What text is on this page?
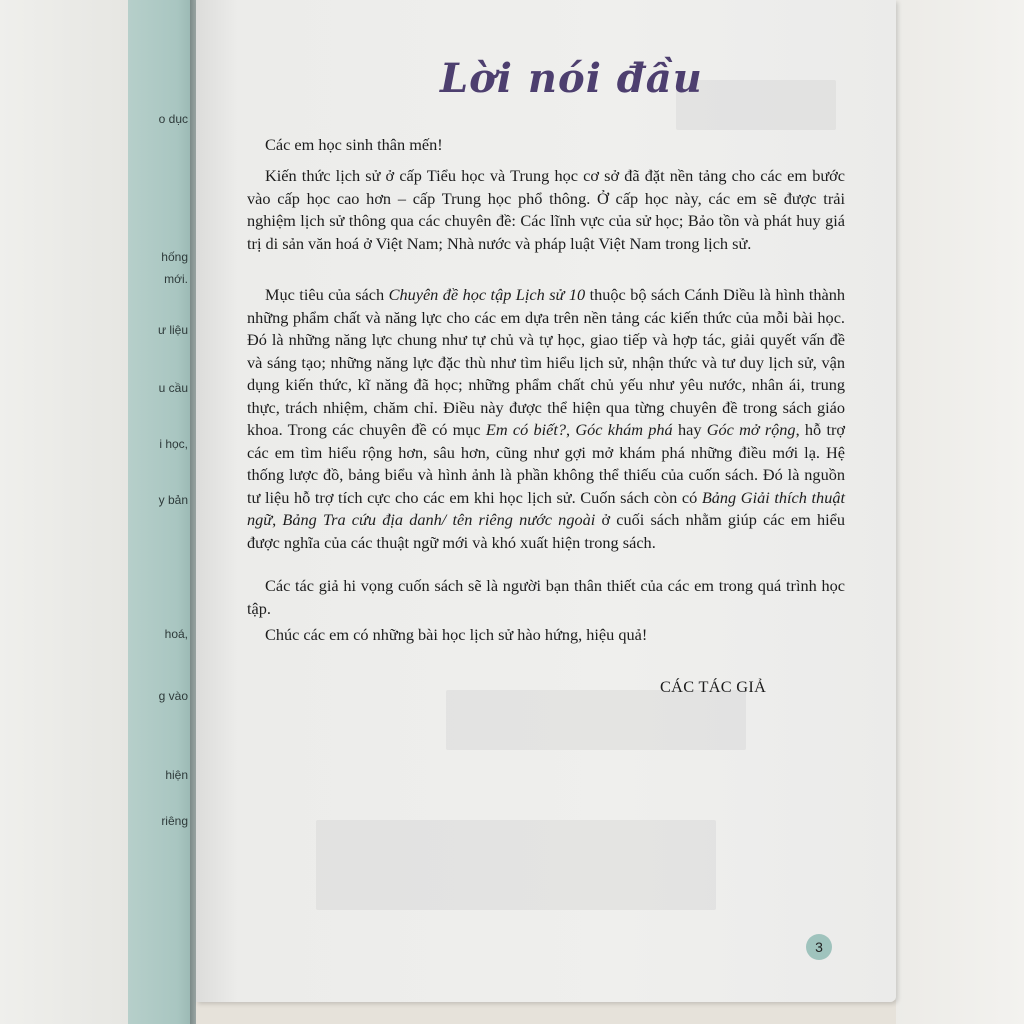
o dục
hống
mới.
ư liệu
u cầu
i học,
y bản
hoá,
g vào
hiện
riêng
Lời nói đầu
Các em học sinh thân mến!
Kiến thức lịch sử ở cấp Tiểu học và Trung học cơ sở đã đặt nền tảng cho các em bước vào cấp học cao hơn – cấp Trung học phổ thông. Ở cấp học này, các em sẽ được trải nghiệm lịch sử thông qua các chuyên đề: Các lĩnh vực của sử học; Bảo tồn và phát huy giá trị di sản văn hoá ở Việt Nam; Nhà nước và pháp luật Việt Nam trong lịch sử.
Mục tiêu của sách Chuyên đề học tập Lịch sử 10 thuộc bộ sách Cánh Diều là hình thành những phẩm chất và năng lực cho các em dựa trên nền tảng các kiến thức của mỗi bài học. Đó là những năng lực chung như tự chủ và tự học, giao tiếp và hợp tác, giải quyết vấn đề và sáng tạo; những năng lực đặc thù như tìm hiểu lịch sử, nhận thức và tư duy lịch sử, vận dụng kiến thức, kĩ năng đã học; những phẩm chất chủ yếu như yêu nước, nhân ái, trung thực, trách nhiệm, chăm chỉ. Điều này được thể hiện qua từng chuyên đề trong sách giáo khoa. Trong các chuyên đề có mục Em có biết?, Góc khám phá hay Góc mở rộng, hỗ trợ các em tìm hiểu rộng hơn, sâu hơn, cũng như gợi mở khám phá những điều mới lạ. Hệ thống lược đồ, bảng biểu và hình ảnh là phần không thể thiếu của cuốn sách. Đó là nguồn tư liệu hỗ trợ tích cực cho các em khi học lịch sử. Cuốn sách còn có Bảng Giải thích thuật ngữ, Bảng Tra cứu địa danh/ tên riêng nước ngoài ở cuối sách nhằm giúp các em hiểu được nghĩa của các thuật ngữ mới và khó xuất hiện trong sách.
Các tác giả hi vọng cuốn sách sẽ là người bạn thân thiết của các em trong quá trình học tập.
Chúc các em có những bài học lịch sử hào hứng, hiệu quả!
CÁC TÁC GIẢ
3
